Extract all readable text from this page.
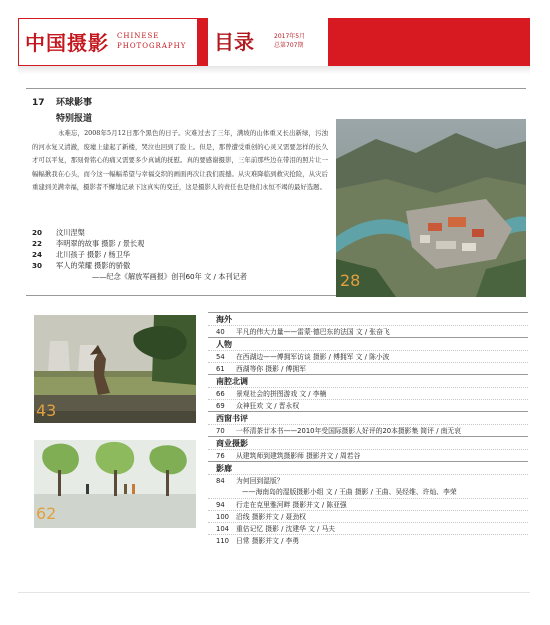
中国摄影 CHINESE
PHOTOGRAPHY 目录	2017年5月
总第707期
17 环球影事
特别报道
永难忘，2008年5月12日那个黑色的日子。灾难过去了三年，满坡的山体重又长出新绿，污浊的河水复又清澈，废墟上建起了新楼，哭泣也回到了脸上。但是，那曾遭受重创的心灵又需要怎样的长久才可以平复，那刻骨铭心的痛又需要多少真诚的抚慰。真的要感谢摄影，三年前那些边在带泪的照片让一幅幅揪我在心头，而今这一幅幅希望与幸福交织的画面再次让我们震撼。从灾难降临到救灾抢险，从灾后重建到美满幸福，摄影者不懈地记录下这真实的变迁，这是摄影人的责任也是他们永恒不竭的最好选题。
20	汶川涅槃
22	李明翠的故事 摄影 / 景长观
24	北川孩子 摄影 / 杨卫华
30	军人的荣耀 摄影的骄傲
——纪念《解放军画报》创刊60年 文 / 本刊记者	28
43
62
海外
40	平凡的伟大力量——雷蒙·德巴东的法国 文 / 张奋飞
人物
54	在西湖边——傅拥军访谈 摄影 / 傅拥军 文 / 陈小波
61	西湖等你 摄影 / 傅拥军
南腔北调
66	景观社会的拼图游戏 文 / 李楠
69	众神狂欢 文 / 晋永权
西窗书评
70	一杯清茶廿本书——2010年受国际摄影人好评的20本摄影集 简评 / 南无哀
商业摄影
76	从建筑师到建筑摄影师 摄影并文 / 周若谷
影廊
84	为何回到湿版？
——海南岛的湿版摄影小组 文 / 王曲 摄影 / 王曲、吴经维、许灿、李荣
94	行走在克里雅河畔 摄影并文 / 陈亚强
100	沿线 摄影并文 / 聂劲权
104	重估记忆 摄影 / 沈建华 文 / 马夫
110	日常 摄影并文 / 李勇
